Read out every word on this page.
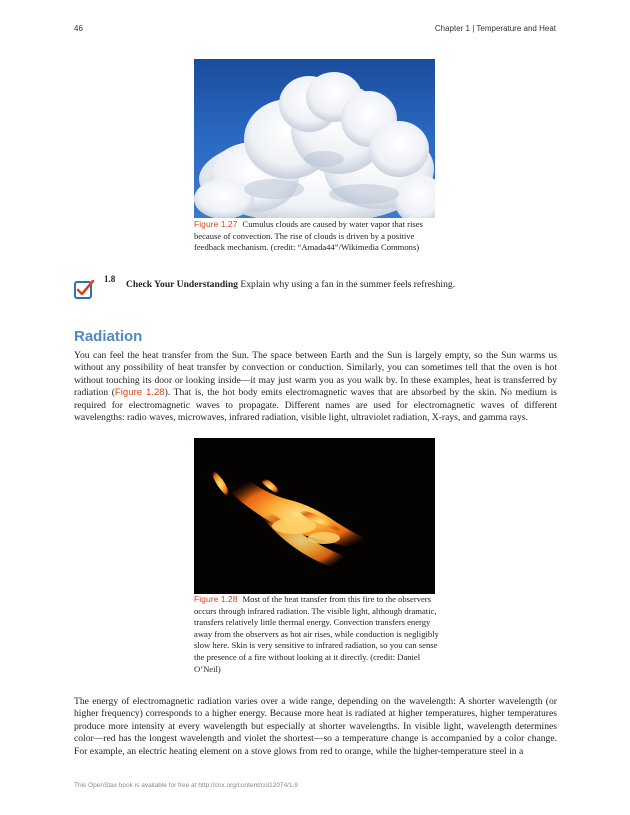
46	Chapter 1 | Temperature and Heat
Figure 1.27 Cumulus clouds are caused by water vapor that rises because of convection. The rise of clouds is driven by a positive feedback mechanism. (credit: “Amada44”/Wikimedia Commons)
1.8 Check Your Understanding Explain why using a fan in the summer feels refreshing.
Radiation

You can feel the heat transfer from the Sun. The space between Earth and the Sun is largely empty, so the Sun warms us without any possibility of heat transfer by convection or conduction. Similarly, you can sometimes tell that the oven is hot without touching its door or looking inside—it may just warm you as you walk by. In these examples, heat is transferred by radiation (Figure 1.28). That is, the hot body emits electromagnetic waves that are absorbed by the skin. No medium is required for electromagnetic waves to propagate. Different names are used for electromagnetic waves of different wavelengths: radio waves, microwaves, infrared radiation, visible light, ultraviolet radiation, X-rays, and gamma rays.

Figure 1.28 Most of the heat transfer from this fire to the observers occurs through infrared radiation. The visible light, although dramatic, transfers relatively little thermal energy. Convection transfers energy away from the observers as hot air rises, while conduction is negligibly slow here. Skin is very sensitive to infrared radiation, so you can sense the presence of a fire without looking at it directly. (credit: Daniel O’Neil)

The energy of electromagnetic radiation varies over a wide range, depending on the wavelength: A shorter wavelength (or higher frequency) corresponds to a higher energy. Because more heat is radiated at higher temperatures, higher temperatures produce more intensity at every wavelength but especially at shorter wavelengths. In visible light, wavelength determines color—red has the longest wavelength and violet the shortest—so a temperature change is accompanied by a color change. For example, an electric heating element on a stove glows from red to orange, while the higher-temperature steel in a

This OpenStax book is available for free at http://cnx.org/content/col12074/1.9
